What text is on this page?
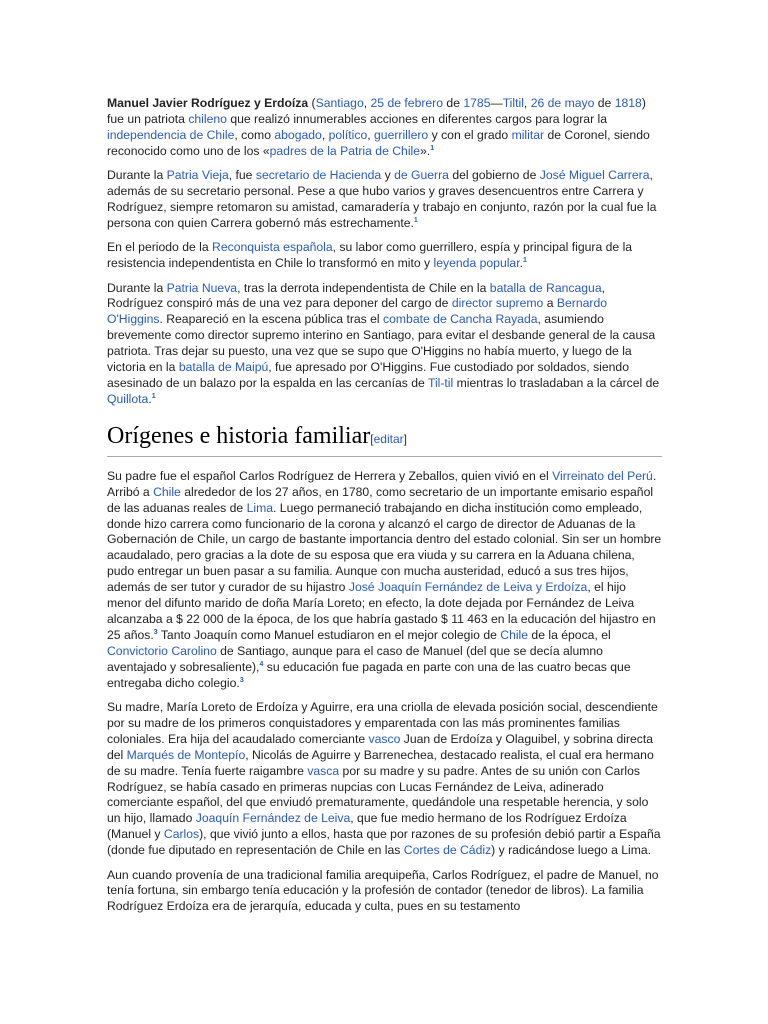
Manuel Javier Rodríguez y Erdoíza (Santiago, 25 de febrero de 1785—Tiltil, 26 de mayo de 1818) fue un patriota chileno que realizó innumerables acciones en diferentes cargos para lograr la independencia de Chile, como abogado, político, guerrillero y con el grado militar de Coronel, siendo reconocido como uno de los «padres de la Patria de Chile».$^1$

Durante la Patria Vieja, fue secretario de Hacienda y de Guerra del gobierno de José Miguel Carrera, además de su secretario personal. Pese a que hubo varios y graves desencuentros entre Carrera y Rodríguez, siempre retomaron su amistad, camaradería y trabajo en conjunto, razón por la cual fue la persona con quien Carrera gobernó más estrechamente.$^1$

En el periodo de la Reconquista española, su labor como guerrillero, espía y principal figura de la resistencia independentista en Chile lo transformó en mito y leyenda popular.$^1$

Durante la Patria Nueva, tras la derrota independentista de Chile en la batalla de Rancagua, Rodríguez conspiró más de una vez para deponer del cargo de director supremo a Bernardo O'Higgins. Reapareció en la escena pública tras el combate de Cancha Rayada, asumiendo brevemente como director supremo interino en Santiago, para evitar el desbande general de la causa patriota. Tras dejar su puesto, una vez que se supo que O'Higgins no había muerto, y luego de la victoria en la batalla de Maipú, fue apresado por O'Higgins. Fue custodiado por soldados, siendo asesinado de un balazo por la espalda en las cercanías de Til-til mientras lo trasladaban a la cárcel de Quillota.$^1$

Orígenes e historia familiar[editar]

Su padre fue el español Carlos Rodríguez de Herrera y Zeballos, quien vivió en el Virreinato del Perú. Arribó a Chile alrededor de los 27 años, en 1780, como secretario de un importante emisario español de las aduanas reales de Lima. Luego permaneció trabajando en dicha institución como empleado, donde hizo carrera como funcionario de la corona y alcanzó el cargo de director de Aduanas de la Gobernación de Chile, un cargo de bastante importancia dentro del estado colonial. Sin ser un hombre acaudalado, pero gracias a la dote de su esposa que era viuda y su carrera en la Aduana chilena, pudo entregar un buen pasar a su familia. Aunque con mucha austeridad, educó a sus tres hijos, además de ser tutor y curador de su hijastro José Joaquín Fernández de Leiva y Erdoíza, el hijo menor del difunto marido de doña María Loreto; en efecto, la dote dejada por Fernández de Leiva alcanzaba a $ 22 000 de la época, de los que habría gastado $ 11 463 en la educación del hijastro en 25 años.$^3$ Tanto Joaquín como Manuel estudiaron en el mejor colegio de Chile de la época, el Convictorio Carolino de Santiago, aunque para el caso de Manuel (del que se decía alumno aventajado y sobresaliente),$^4$ su educación fue pagada en parte con una de las cuatro becas que entregaba dicho colegio.$^3$

Su madre, María Loreto de Erdoíza y Aguirre, era una criolla de elevada posición social, descendiente por su madre de los primeros conquistadores y emparentada con las más prominentes familias coloniales. Era hija del acaudalado comerciante vasco Juan de Erdoíza y Olaguibel, y sobrina directa del Marqués de Montepío, Nicolás de Aguirre y Barrenechea, destacado realista, el cual era hermano de su madre. Tenía fuerte raigambre vasca por su madre y su padre. Antes de su unión con Carlos Rodríguez, se había casado en primeras nupcias con Lucas Fernández de Leiva, adinerado comerciante español, del que enviudó prematuramente, quedándole una respetable herencia, y solo un hijo, llamado Joaquín Fernández de Leiva, que fue medio hermano de los Rodríguez Erdoíza (Manuel y Carlos), que vivió junto a ellos, hasta que por razones de su profesión debió partir a España (donde fue diputado en representación de Chile en las Cortes de Cádiz) y radicándose luego a Lima.

Aun cuando provenía de una tradicional familia arequipeña, Carlos Rodríguez, el padre de Manuel, no tenía fortuna, sin embargo tenía educación y la profesión de contador (tenedor de libros). La familia Rodríguez Erdoíza era de jerarquía, educada y culta, pues en su testamento
